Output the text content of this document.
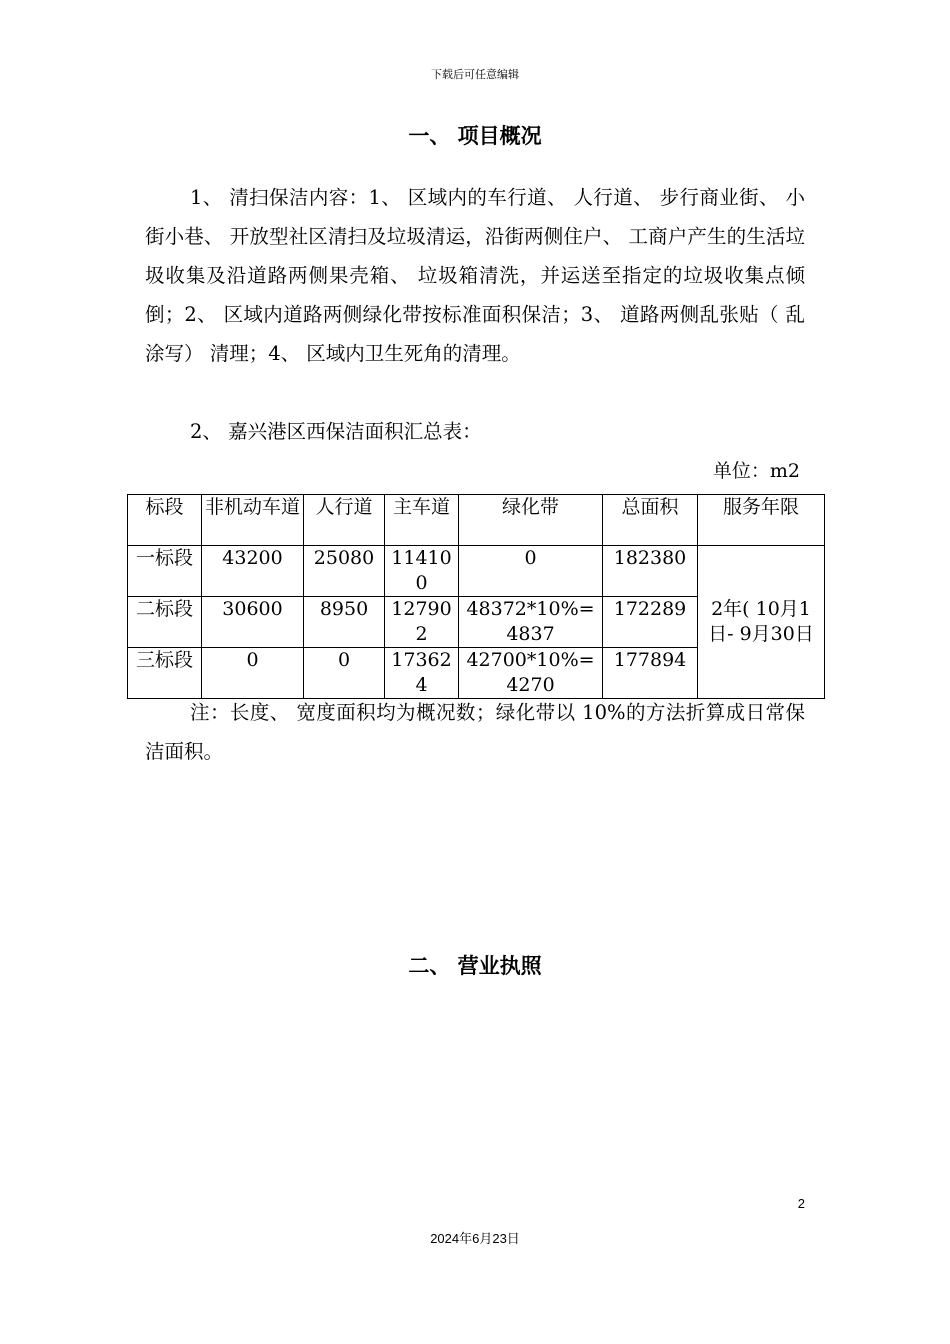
下载后可任意编辑
一、 项目概况
1、 清扫保洁内容：1、 区域内的车行道、 人行道、 步行商业街、 小街小巷、 开放型社区清扫及垃圾清运，沿街两侧住户、 工商户产生的生活垃圾收集及沿道路两侧果壳箱、 垃圾箱清洗，并运送至指定的垃圾收集点倾倒；2、 区域内道路两侧绿化带按标准面积保洁；3、 道路两侧乱张贴（ 乱涂写） 清理；4、 区域内卫生死角的清理。
2、 嘉兴港区西保洁面积汇总表：
单位：m2
标段	非机动车道	人行道	主车道	绿化带	总面积	服务年限
一标段	43200	25080	114100	0	182380	2年( 10月1日- 9月30日
二标段	30600	8950	127902	48372*10%=4837	172289	
三标段	0	0	173624	42700*10%=4270	177894	
注：长度、 宽度面积均为概况数；绿化带以 10%的方法折算成日常保洁面积。
二、 营业执照
2
2024年6月23日
